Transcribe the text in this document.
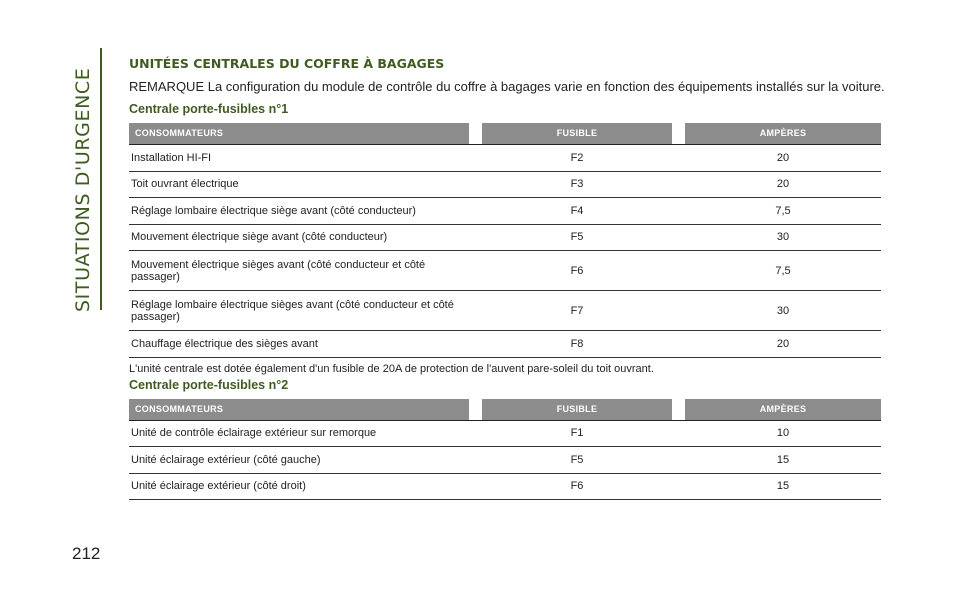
SITUATIONS D'URGENCE
212
UNITÉES CENTRALES DU COFFRE À BAGAGES
REMARQUE La configuration du module de contrôle du coffre à bagages varie en fonction des équipements installés sur la voiture.
Centrale porte-fusibles n°1
CONSOMMATEURS	FUSIBLE	AMPÈRES
Installation HI-FI	F2	20
Toit ouvrant électrique	F3	20
Réglage lombaire électrique siège avant (côté conducteur)	F4	7,5
Mouvement électrique siège avant (côté conducteur)	F5	30
Mouvement électrique sièges avant (côté conducteur et côté
passager)	F6	7,5
Réglage lombaire électrique sièges avant (côté conducteur et côté
passager)	F7	30
Chauffage électrique des sièges avant	F8	20
L'unité centrale est dotée également d'un fusible de 20A de protection de l'auvent pare-soleil du toit ouvrant.
Centrale porte-fusibles n°2
CONSOMMATEURS	FUSIBLE	AMPÈRES
Unité de contrôle éclairage extérieur sur remorque	F1	10
Unité éclairage extérieur (côté gauche)	F5	15
Unité éclairage extérieur (côté droit)	F6	15
